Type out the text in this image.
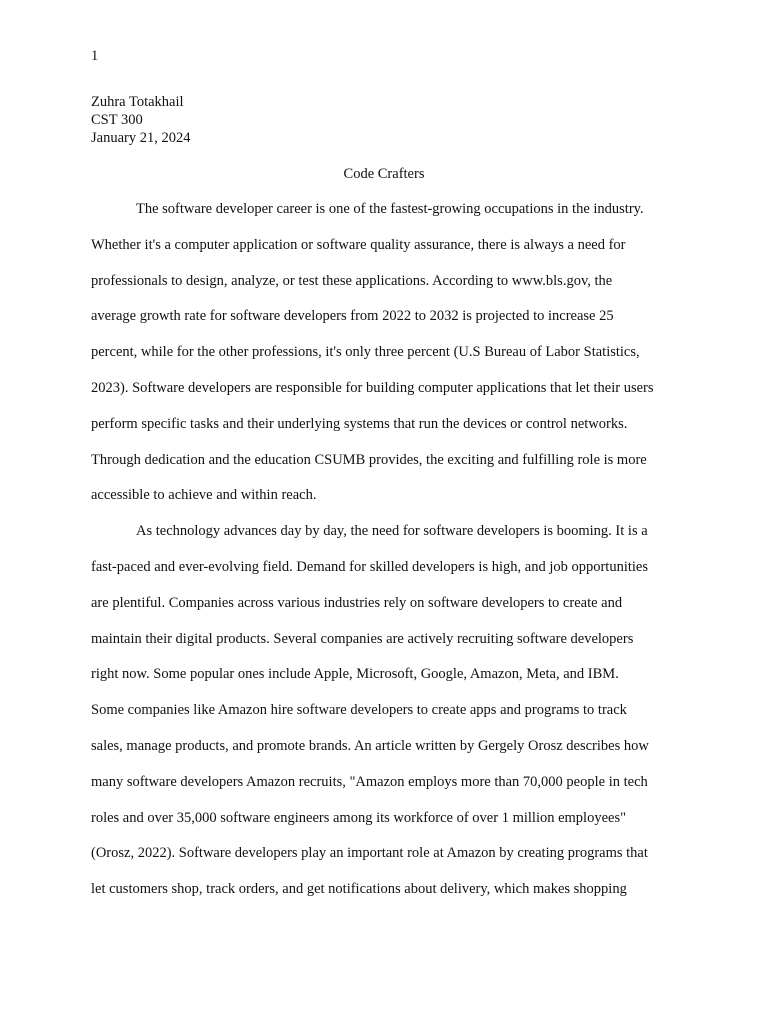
1

Zuhra Totakhail

CST 300

January 21, 2024

Code Crafters

The software developer career is one of the fastest-growing occupations in the industry.
Whether it's a computer application or software quality assurance, there is always a need for
professionals to design, analyze, or test these applications. According to www.bls.gov, the
average growth rate for software developers from 2022 to 2032 is projected to increase 25
percent, while for the other professions, it's only three percent (U.S Bureau of Labor Statistics,
2023). Software developers are responsible for building computer applications that let their users
perform specific tasks and their underlying systems that run the devices or control networks.
Through dedication and the education CSUMB provides, the exciting and fulfilling role is more
accessible to achieve and within reach.

As technology advances day by day, the need for software developers is booming. It is a
fast-paced and ever-evolving field. Demand for skilled developers is high, and job opportunities
are plentiful. Companies across various industries rely on software developers to create and
maintain their digital products. Several companies are actively recruiting software developers
right now. Some popular ones include Apple, Microsoft, Google, Amazon, Meta, and IBM.
Some companies like Amazon hire software developers to create apps and programs to track
sales, manage products, and promote brands. An article written by Gergely Orosz describes how
many software developers Amazon recruits, "Amazon employs more than 70,000 people in tech
roles and over 35,000 software engineers among its workforce of over 1 million employees"
(Orosz, 2022). Software developers play an important role at Amazon by creating programs that
let customers shop, track orders, and get notifications about delivery, which makes shopping
